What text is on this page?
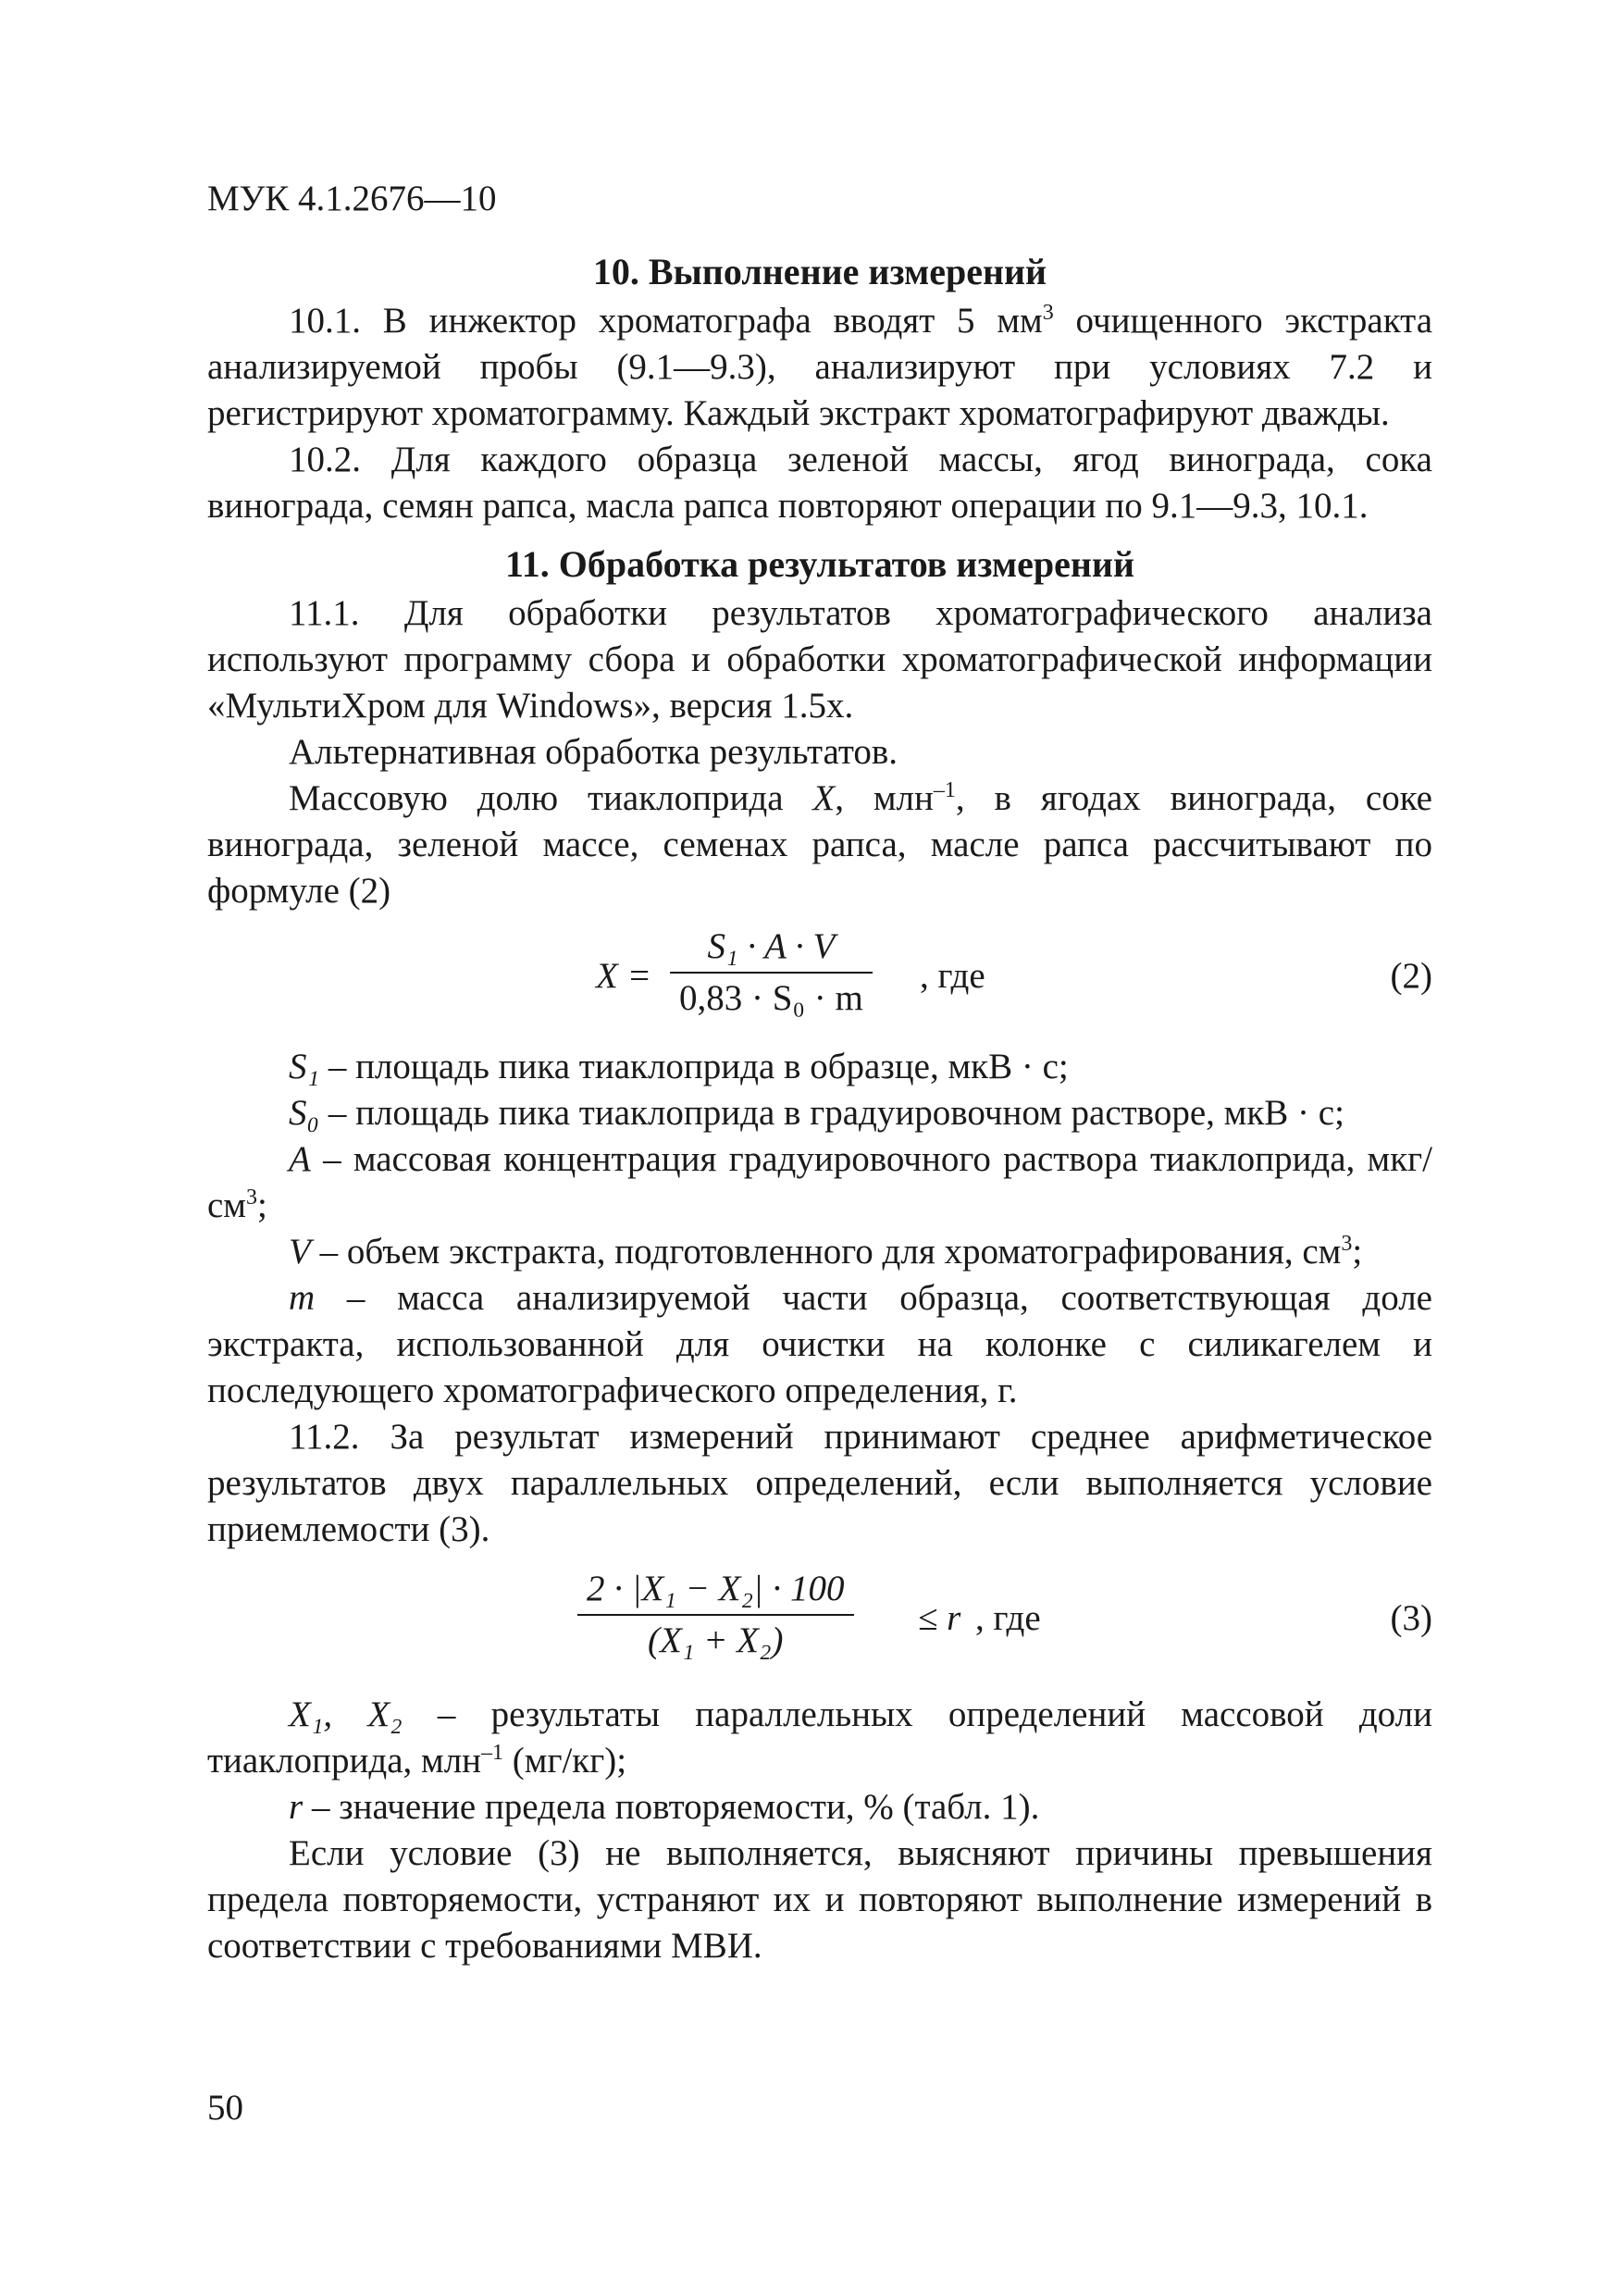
МУК 4.1.2676—10
10. Выполнение измерений

10.1. В инжектор хроматографа вводят 5 $мм^3$ очищенного экстракта анализируемой пробы (9.1—9.3), анализируют при условиях 7.2 и регистрируют хроматограмму. Каждый экстракт хроматографируют дважды.

10.2. Для каждого образца зеленой массы, ягод винограда, сока винограда, семян рапса, масла рапса повторяют операции по 9.1—9.3, 10.1.

11. Обработка результатов измерений

11.1. Для обработки результатов хроматографического анализа используют программу сбора и обработки хроматографической информации «МультиХром для Windows», версия 1.5х.

Альтернативная обработка результатов.

Массовую долю тиаклоприда X, млн$^{-1}$, в ягодах винограда, соке винограда, зеленой массе, семенах рапса, масле рапса рассчитывают по формуле (2)

X =
S₁ · A · V
0,83 · S₀ · m
, где	(2)

S₁ – площадь пика тиаклоприда в образце, мкВ · с;

S₀ – площадь пика тиаклоприда в градуировочном растворе, мкВ · с;

A – массовая концентрация градуировочного раствора тиаклоприда, мкг/$см^3$;

V – объем экстракта, подготовленного для хроматографирования, $см^3$;

m – масса анализируемой части образца, соответствующая доле экстракта, использованной для очистки на колонке с силикагелем и последующего хроматографического определения, г.

11.2. За результат измерений принимают среднее арифметическое результатов двух параллельных определений, если выполняется условие приемлемости (3).

2 · |X₁ − X₂| · 100
(X₁ + X₂)
≤ r , где	(3)

X₁, X₂ – результаты параллельных определений массовой доли тиаклоприда, млн$^{-1}$ (мг/кг);

r – значение предела повторяемости, % (табл. 1).

Если условие (3) не выполняется, выясняют причины превышения предела повторяемости, устраняют их и повторяют выполнение измерений в соответствии с требованиями МВИ.

50
